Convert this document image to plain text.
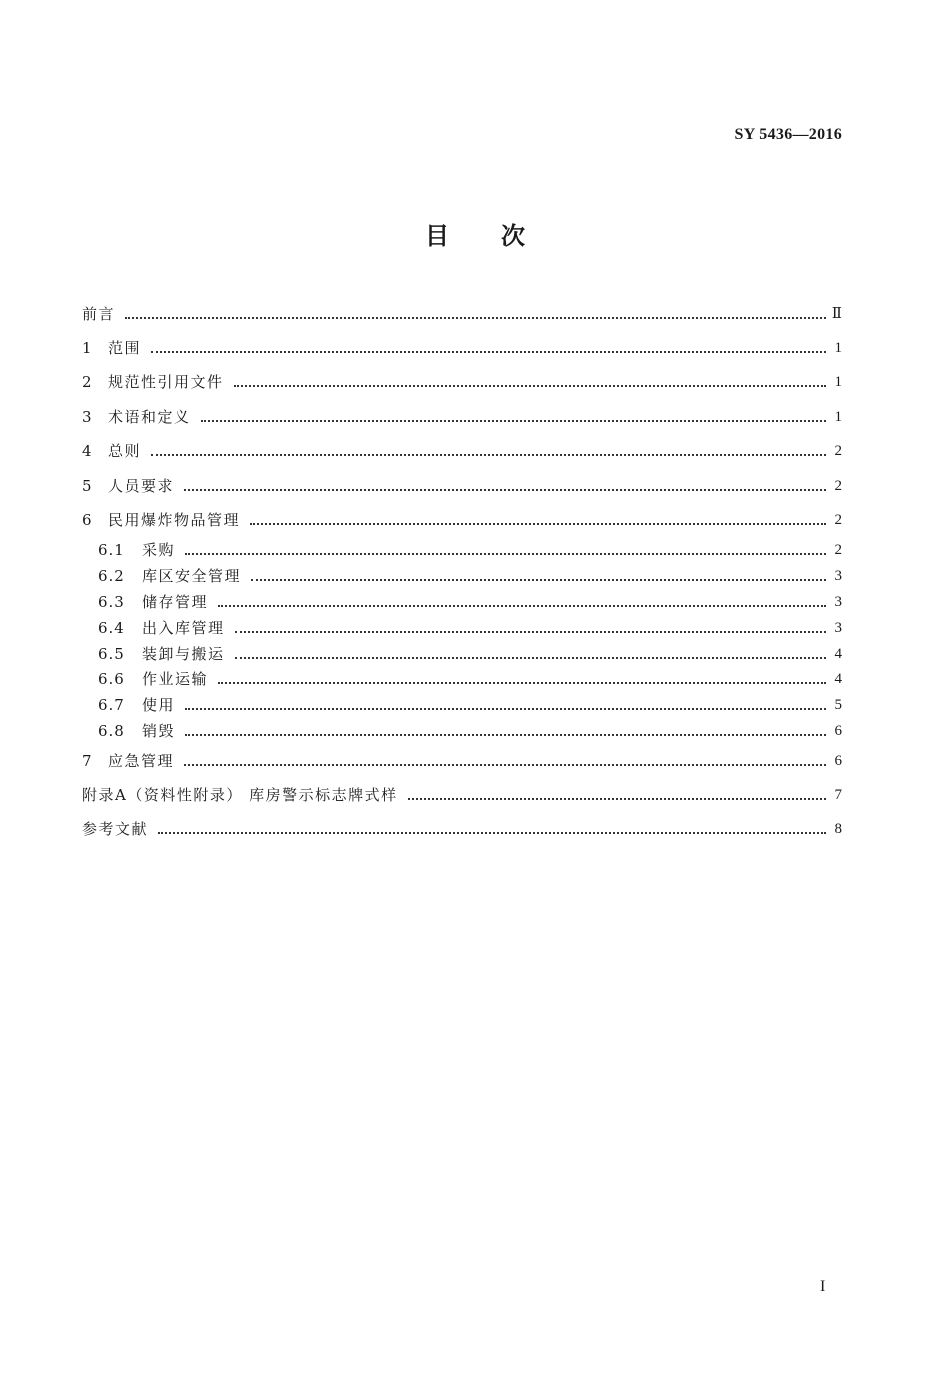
SY 5436—2016
目次
前言	Ⅱ
1	范围	1
2	规范性引用文件	1
3	术语和定义	1
4	总则	2
5	人员要求	2
6	民用爆炸物品管理	2
6.1	采购	2
6.2	库区安全管理	3
6.3	储存管理	3
6.4	出入库管理	3
6.5	装卸与搬运	4
6.6	作业运输	4
6.7	使用	5
6.8	销毁	6
7	应急管理	6
附录A（资料性附录） 库房警示标志牌式样	7
参考文献	8
I
